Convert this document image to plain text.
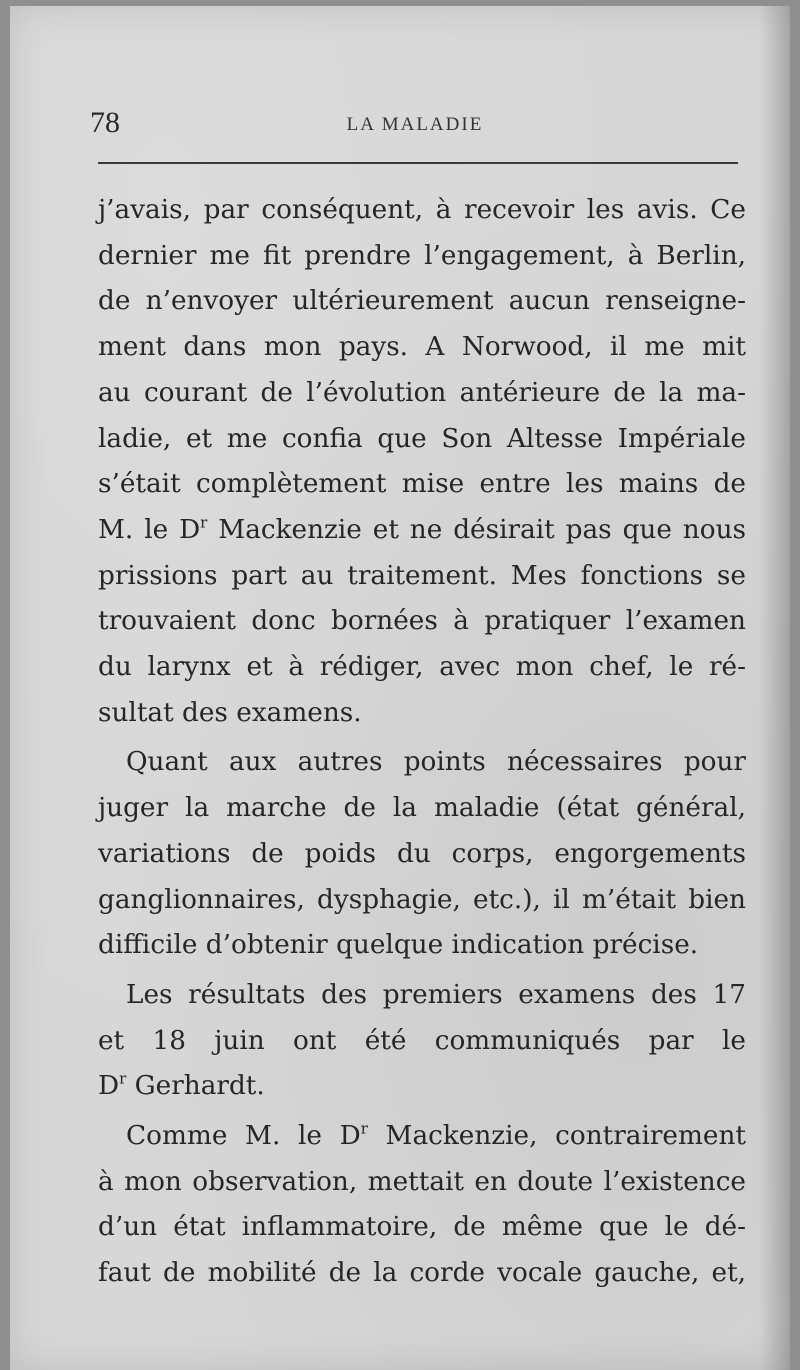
78	LA MALADIE
j’avais, par conséquent, à recevoir les avis. Ce
dernier me fit prendre l’engagement, à Berlin,
de n’envoyer ultérieurement aucun renseigne-
ment dans mon pays. A Norwood, il me mit
au courant de l’évolution antérieure de la ma-
ladie, et me confia que Son Altesse Impériale
s’était complètement mise entre les mains de
M. le $D^r$ Mackenzie et ne désirait pas que nous
prissions part au traitement. Mes fonctions se
trouvaient donc bornées à pratiquer l’examen
du larynx et à rédiger, avec mon chef, le ré-
sultat des examens.
Quant aux autres points nécessaires pour
juger la marche de la maladie (état général,
variations de poids du corps, engorgements
ganglionnaires, dysphagie, etc.), il m’était bien
difficile d’obtenir quelque indication précise.
Les résultats des premiers examens des 17
et 18 juin ont été communiqués par le
$D^r$ Gerhardt.
Comme M. le $D^r$ Mackenzie, contrairement
à mon observation, mettait en doute l’existence
d’un état inflammatoire, de même que le dé-
faut de mobilité de la corde vocale gauche, et,
